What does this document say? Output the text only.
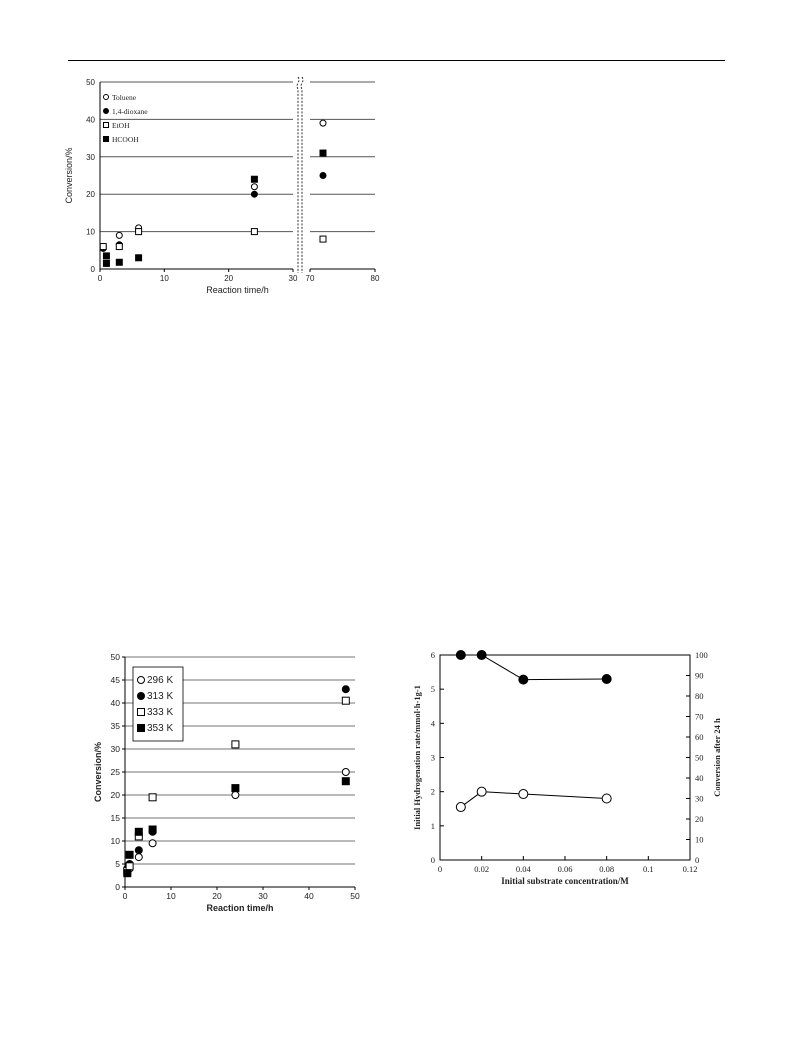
0
10
20
30
40
50
0	10	20	30 70	80
Reaction time/h
Conversion/%
Toluene
1,4-dioxane
EtOH
HCOOH
0
5
10
15
20
25
30
35
40
45
50
0	10	20	30	40	50
Reaction time/h
Conversion/%
296 K
313 K
333 K
353 K
0
1
2
3
4
5
6
0
10
20
30
40
50
60
70
80
90
100
0	0.02	0.04	0.06	0.08	0.1	0.12
Initial substrate concentration/M
Initial Hydrogenation rate/mmol·h-1g-1	Conversion after 24 h
